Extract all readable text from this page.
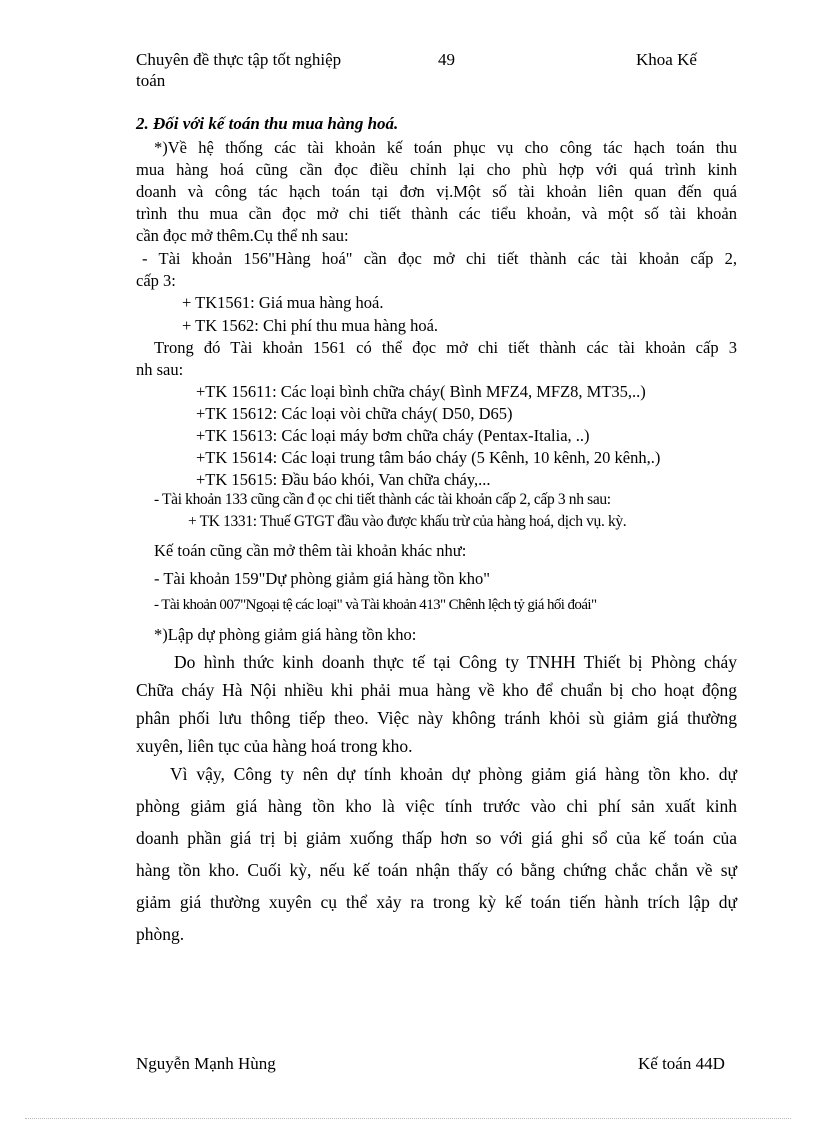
Chuyên đề thực tập tốt nghiệp
toán
49	Khoa Kế
2. Đối với kế toán thu mua hàng hoá.
*)Về hệ thống các tài khoản kế toán phục vụ cho công tác hạch toán thu
mua hàng hoá cũng cần đọc điều chỉnh lại cho phù hợp với quá trình kinh
doanh và công tác hạch toán tại đơn vị.Một số tài khoản liên quan đến quá
trình thu mua cần đọc mở chi tiết thành các tiểu khoản, và một số tài khoản
cần đọc mở thêm.Cụ thể nh sau:
- Tài khoản 156"Hàng hoá" cần đọc mở chi tiết thành các tài khoản cấp 2,
cấp 3:
+ TK1561: Giá mua hàng hoá.
+ TK 1562: Chi phí thu mua hàng hoá.
Trong đó Tài khoản 1561 có thể đọc mở chi tiết thành các tài khoản cấp 3
nh sau:
+TK 15611: Các loại bình chữa cháy( Bình MFZ4, MFZ8, MT35,..)
+TK 15612: Các loại vòi chữa cháy( D50, D65)
+TK 15613: Các loại máy bơm chữa cháy (Pentax-Italia, ..)
+TK 15614: Các loại trung tâm báo cháy (5 Kênh, 10 kênh, 20 kênh,.)
+TK 15615: Đầu báo khói, Van chữa cháy,...
- Tài khoản 133 cũng cần đ ọc chi tiết thành các tài khoản cấp 2, cấp 3 nh sau:
+ TK 1331: Thuế GTGT đầu vào được khấu trừ của hàng hoá, dịch vụ. kỳ.
Kế toán cũng cần mở thêm tài khoản khác như:
- Tài khoản 159"Dự phòng giảm giá hàng tồn kho"
- Tài khoản 007"Ngoại tệ các loại" và Tài khoản 413" Chênh lệch tỷ giá hối đoái"
*)Lập dự phòng giảm giá hàng tồn kho:
Do hình thức kinh doanh thực tế tại Công ty TNHH Thiết bị Phòng cháy
Chữa cháy Hà Nội nhiều khi phải mua hàng về kho để chuẩn bị cho hoạt động
phân phối lưu thông tiếp theo. Việc này không tránh khỏi sù giảm giá thường
xuyên, liên tục của hàng hoá trong kho.
Vì vậy, Công ty nên dự tính khoản dự phòng giảm giá hàng tồn kho. dự
phòng giảm giá hàng tồn kho là việc tính trước vào chi phí sản xuất kinh
doanh phần giá trị bị giảm xuống thấp hơn so với giá ghi sổ của kế toán của
hàng tồn kho. Cuối kỳ, nếu kế toán nhận thấy có bằng chứng chắc chắn về sự
giảm giá thường xuyên cụ thể xảy ra trong kỳ kế toán tiến hành trích lập dự
phòng.
Nguyễn Mạnh Hùng	Kế toán 44D
